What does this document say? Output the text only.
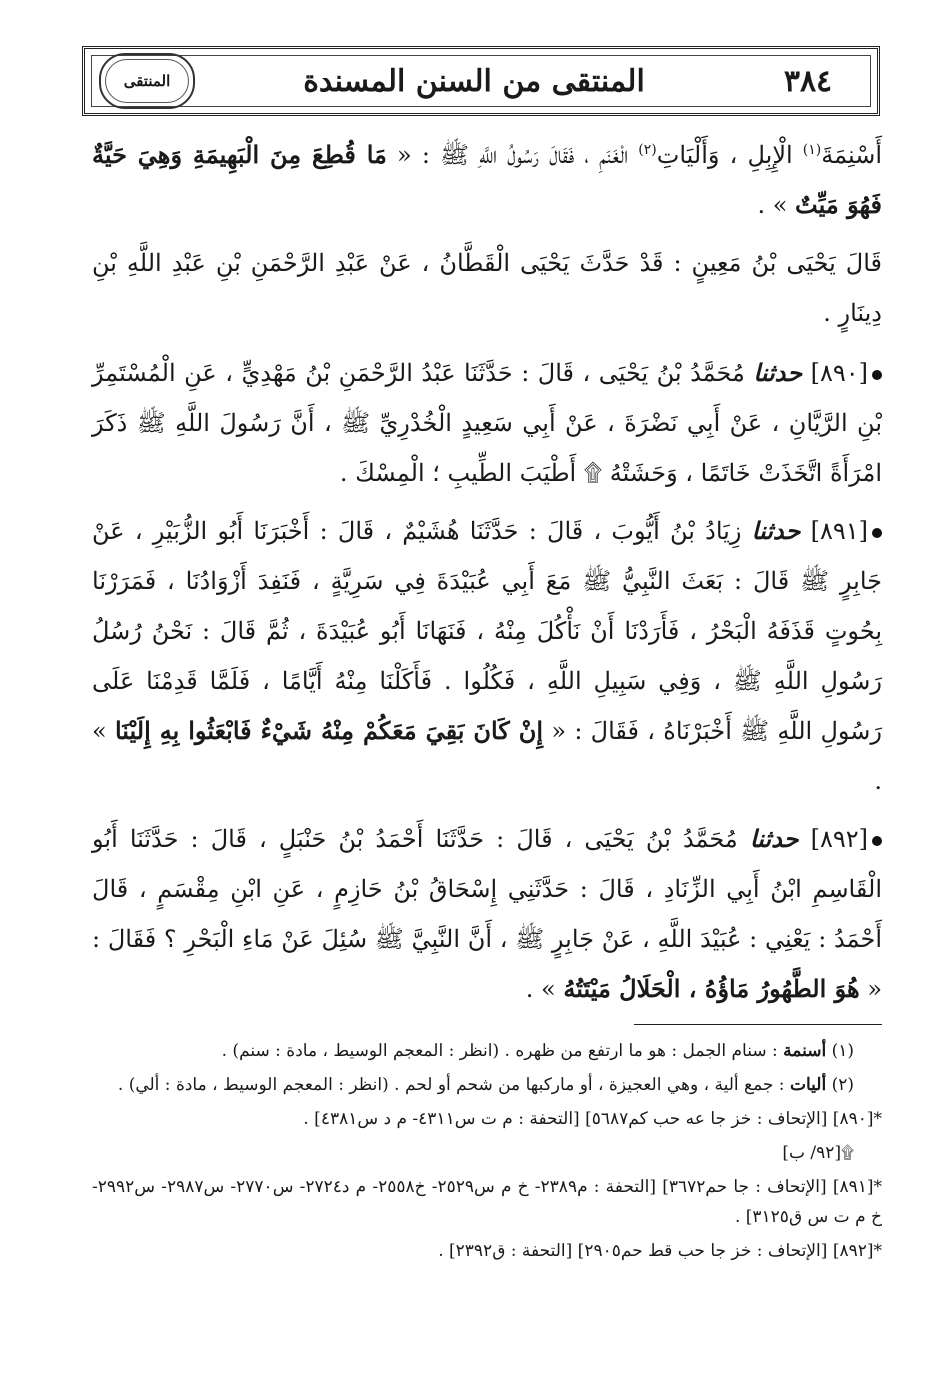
٣٨٤
المنتقى من السنن المسندة
المنتقى

أَسْنِمَةَ$^{(١)}$ الْإِبِلِ ، وَأَلْيَاتِ$^{(٢)}$ الْغَنَمِ ، فَقَالَ رَسُولُ اللَّهِ ﷺ : « مَا قُطِعَ مِنَ الْبَهِيمَةِ وَهِيَ حَيَّةٌ فَهُوَ مَيِّتٌ » .

قَالَ يَحْيَى بْنُ مَعِينٍ : قَدْ حَدَّثَ يَحْيَى الْقَطَّانُ ، عَنْ عَبْدِ الرَّحْمَنِ بْنِ عَبْدِ اللَّهِ بْنِ دِينَارٍ .

[٨٩٠] حدثنا مُحَمَّدُ بْنُ يَحْيَى ، قَالَ : حَدَّثَنَا عَبْدُ الرَّحْمَنِ بْنُ مَهْدِيٍّ ، عَنِ الْمُسْتَمِرِّ بْنِ الرَّيَّانِ ، عَنْ أَبِي نَضْرَةَ ، عَنْ أَبِي سَعِيدٍ الْخُدْرِيِّ ﷺ ، أَنَّ رَسُولَ اللَّهِ ﷺ ذَكَرَ امْرَأَةً اتَّخَذَتْ خَاتَمًا ، وَحَشَتْهُ ۩ أَطْيَبَ الطِّيبِ ؛ الْمِسْكَ .

[٨٩١] حدثنا زِيَادُ بْنُ أَيُّوبَ ، قَالَ : حَدَّثَنَا هُشَيْمٌ ، قَالَ : أَخْبَرَنَا أَبُو الزُّبَيْرِ ، عَنْ جَابِرٍ ﷺ قَالَ : بَعَثَ النَّبِيُّ ﷺ مَعَ أَبِي عُبَيْدَةَ فِي سَرِيَّةٍ ، فَنَفِدَ أَزْوَادُنَا ، فَمَرَرْنَا بِحُوتٍ قَذَفَهُ الْبَحْرُ ، فَأَرَدْنَا أَنْ نَأْكُلَ مِنْهُ ، فَنَهَانَا أَبُو عُبَيْدَةَ ، ثُمَّ قَالَ : نَحْنُ رُسُلُ رَسُولِ اللَّهِ ﷺ ، وَفِي سَبِيلِ اللَّهِ ، فَكُلُوا . فَأَكَلْنَا مِنْهُ أَيَّامًا ، فَلَمَّا قَدِمْنَا عَلَى رَسُولِ اللَّهِ ﷺ أَخْبَرْنَاهُ ، فَقَالَ : « إِنْ كَانَ بَقِيَ مَعَكُمْ مِنْهُ شَيْءٌ فَابْعَثُوا بِهِ إِلَيْنَا » .

[٨٩٢] حدثنا مُحَمَّدُ بْنُ يَحْيَى ، قَالَ : حَدَّثَنَا أَحْمَدُ بْنُ حَنْبَلٍ ، قَالَ : حَدَّثَنَا أَبُو الْقَاسِمِ ابْنُ أَبِي الزِّنَادِ ، قَالَ : حَدَّثَنِي إِسْحَاقُ بْنُ حَازِمٍ ، عَنِ ابْنِ مِقْسَمٍ ، قَالَ أَحْمَدُ : يَعْنِي : عُبَيْدَ اللَّهِ ، عَنْ جَابِرٍ ﷺ ، أَنَّ النَّبِيَّ ﷺ سُئِلَ عَنْ مَاءِ الْبَحْرِ ؟ فَقَالَ : « هُوَ الطَّهُورُ مَاؤُهُ ، الْحَلَالُ مَيْتَتُهُ » .

(١) أسنمة : سنام الجمل : هو ما ارتفع من ظهره . (انظر : المعجم الوسيط ، مادة : سنم) .

(٢) أليات : جمع ألية ، وهي العجيزة ، أو ماركبها من شحم أو لحم . (انظر : المعجم الوسيط ، مادة : ألي) .

*[٨٩٠] [الإتحاف : خز جا عه حب كم٥٦٨٧] [التحفة : م ت س٤٣١١- م د س٤٣٨١] .

۩[٩٢/ ب]

*[٨٩١] [الإتحاف : جا حم٣٦٧٢] [التحفة : م٢٣٨٩- خ م س٢٥٢٩- خ٢٥٥٨- م د٢٧٢٤- س٢٧٧٠- س٢٩٨٧- س٢٩٩٢- خ م ت س ق٣١٢٥] .

*[٨٩٢] [الإتحاف : خز جا حب قط حم٢٩٠٥] [التحفة : ق٢٣٩٢] .
